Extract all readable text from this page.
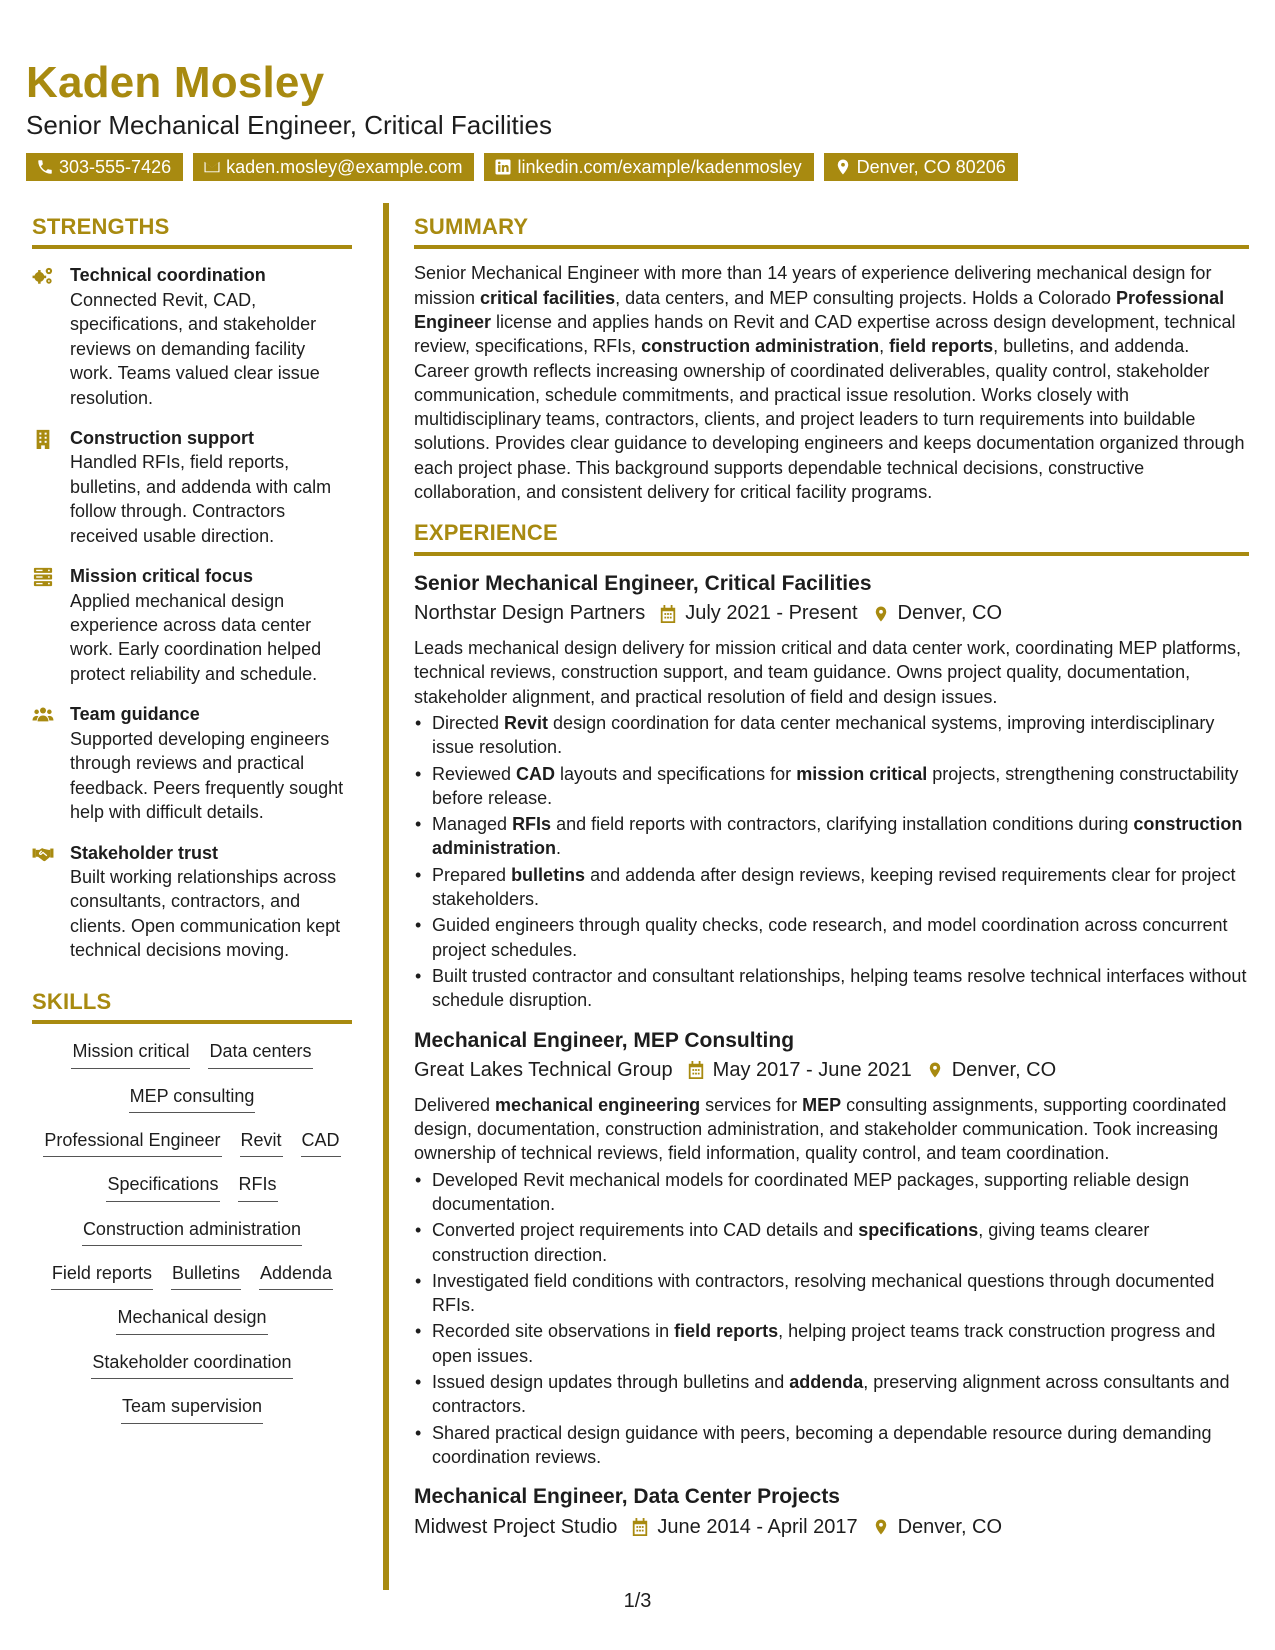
Kaden Mosley
Senior Mechanical Engineer, Critical Facilities
303-555-7426	kaden.mosley@example.com	linkedin.com/example/kadenmosley	Denver, CO 80206
STRENGTHS
Technical coordination
Connected Revit, CAD, specifications, and stakeholder reviews on demanding facility work. Teams valued clear issue resolution.
Construction support
Handled RFIs, field reports, bulletins, and addenda with calm follow through. Contractors received usable direction.
Mission critical focus
Applied mechanical design experience across data center work. Early coordination helped protect reliability and schedule.
Team guidance
Supported developing engineers through reviews and practical feedback. Peers frequently sought help with difficult details.
Stakeholder trust
Built working relationships across consultants, contractors, and clients. Open communication kept technical decisions moving.
SKILLS
Mission critical Data centers
MEP consulting
Professional Engineer Revit CAD
Specifications RFIs
Construction administration
Field reports Bulletins Addenda
Mechanical design
Stakeholder coordination
Team supervision
SUMMARY
Senior Mechanical Engineer with more than 14 years of experience delivering mechanical design for mission critical facilities, data centers, and MEP consulting projects. Holds a Colorado Professional Engineer license and applies hands on Revit and CAD expertise across design development, technical review, specifications, RFIs, construction administration, field reports, bulletins, and addenda. Career growth reflects increasing ownership of coordinated deliverables, quality control, stakeholder communication, schedule commitments, and practical issue resolution. Works closely with multidisciplinary teams, contractors, clients, and project leaders to turn requirements into buildable solutions. Provides clear guidance to developing engineers and keeps documentation organized through each project phase. This background supports dependable technical decisions, constructive collaboration, and consistent delivery for critical facility programs.
EXPERIENCE
Senior Mechanical Engineer, Critical Facilities
Northstar Design Partners July 2021 - Present Denver, CO
Leads mechanical design delivery for mission critical and data center work, coordinating MEP platforms, technical reviews, construction support, and team guidance. Owns project quality, documentation, stakeholder alignment, and practical resolution of field and design issues.
• Directed Revit design coordination for data center mechanical systems, improving interdisciplinary issue resolution.
• Reviewed CAD layouts and specifications for mission critical projects, strengthening constructability before release.
• Managed RFIs and field reports with contractors, clarifying installation conditions during construction administration.
• Prepared bulletins and addenda after design reviews, keeping revised requirements clear for project stakeholders.
• Guided engineers through quality checks, code research, and model coordination across concurrent project schedules.
• Built trusted contractor and consultant relationships, helping teams resolve technical interfaces without schedule disruption.
Mechanical Engineer, MEP Consulting
Great Lakes Technical Group May 2017 - June 2021 Denver, CO
Delivered mechanical engineering services for MEP consulting assignments, supporting coordinated design, documentation, construction administration, and stakeholder communication. Took increasing ownership of technical reviews, field information, quality control, and team coordination.
• Developed Revit mechanical models for coordinated MEP packages, supporting reliable design documentation.
• Converted project requirements into CAD details and specifications, giving teams clearer construction direction.
• Investigated field conditions with contractors, resolving mechanical questions through documented RFIs.
• Recorded site observations in field reports, helping project teams track construction progress and open issues.
• Issued design updates through bulletins and addenda, preserving alignment across consultants and contractors.
• Shared practical design guidance with peers, becoming a dependable resource during demanding coordination reviews.
Mechanical Engineer, Data Center Projects
Midwest Project Studio June 2014 - April 2017 Denver, CO
1/3
